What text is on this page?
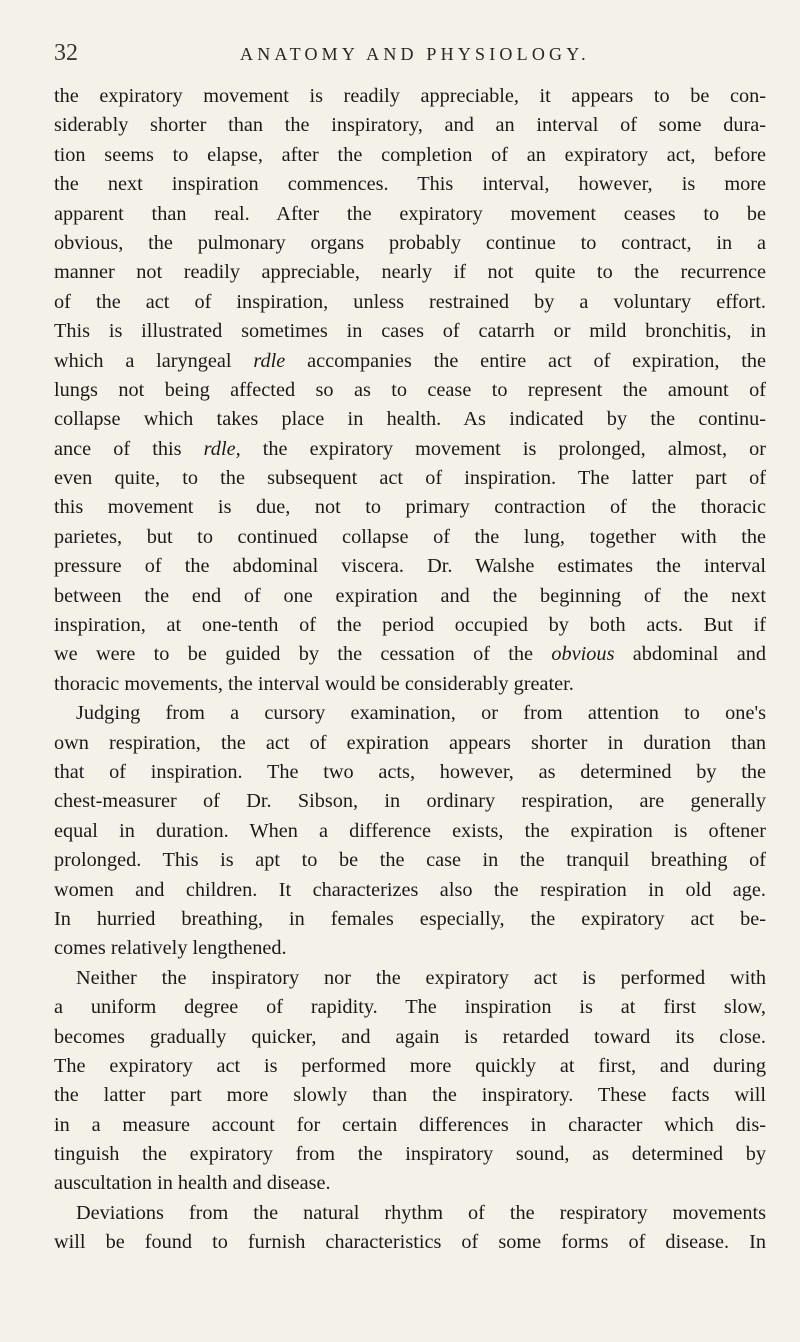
32	ANATOMY AND PHYSIOLOGY.
the expiratory movement is readily appreciable, it appears to be con-
siderably shorter than the inspiratory, and an interval of some dura-
tion seems to elapse, after the completion of an expiratory act, before
the next inspiration commences. This interval, however, is more
apparent than real. After the expiratory movement ceases to be
obvious, the pulmonary organs probably continue to contract, in a
manner not readily appreciable, nearly if not quite to the recurrence
of the act of inspiration, unless restrained by a voluntary effort.
This is illustrated sometimes in cases of catarrh or mild bronchitis, in
which a laryngeal rdle accompanies the entire act of expiration, the
lungs not being affected so as to cease to represent the amount of
collapse which takes place in health. As indicated by the continu-
ance of this rdle, the expiratory movement is prolonged, almost, or
even quite, to the subsequent act of inspiration. The latter part of
this movement is due, not to primary contraction of the thoracic
parietes, but to continued collapse of the lung, together with the
pressure of the abdominal viscera. Dr. Walshe estimates the interval
between the end of one expiration and the beginning of the next
inspiration, at one-tenth of the period occupied by both acts. But if
we were to be guided by the cessation of the obvious abdominal and
thoracic movements, the interval would be considerably greater.
Judging from a cursory examination, or from attention to one's
own respiration, the act of expiration appears shorter in duration than
that of inspiration. The two acts, however, as determined by the
chest-measurer of Dr. Sibson, in ordinary respiration, are generally
equal in duration. When a difference exists, the expiration is oftener
prolonged. This is apt to be the case in the tranquil breathing of
women and children. It characterizes also the respiration in old age.
In hurried breathing, in females especially, the expiratory act be-
comes relatively lengthened.
Neither the inspiratory nor the expiratory act is performed with
a uniform degree of rapidity. The inspiration is at first slow,
becomes gradually quicker, and again is retarded toward its close.
The expiratory act is performed more quickly at first, and during
the latter part more slowly than the inspiratory. These facts will
in a measure account for certain differences in character which dis-
tinguish the expiratory from the inspiratory sound, as determined by
auscultation in health and disease.
Deviations from the natural rhythm of the respiratory movements
will be found to furnish characteristics of some forms of disease. In
